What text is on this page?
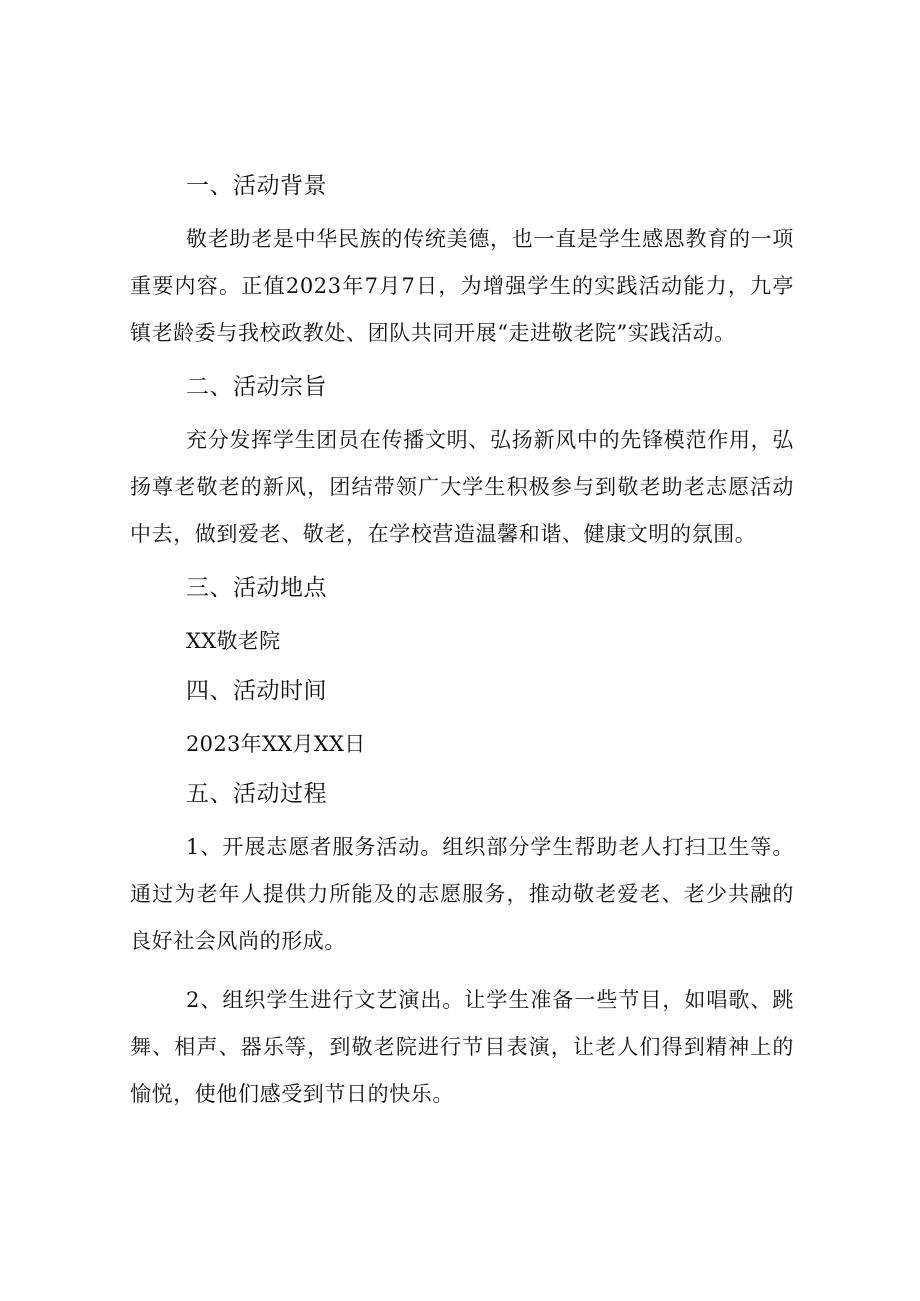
一、活动背景

敬老助老是中华民族的传统美德，也一直是学生感恩教育的一项重要内容。正值2023年7月7日，为增强学生的实践活动能力，九亭镇老龄委与我校政教处、团队共同开展“走进敬老院”实践活动。

二、活动宗旨

充分发挥学生团员在传播文明、弘扬新风中的先锋模范作用，弘扬尊老敬老的新风，团结带领广大学生积极参与到敬老助老志愿活动中去，做到爱老、敬老，在学校营造温馨和谐、健康文明的氛围。

三、活动地点

XX敬老院

四、活动时间

2023年XX月XX日

五、活动过程

1、开展志愿者服务活动。组织部分学生帮助老人打扫卫生等。通过为老年人提供力所能及的志愿服务，推动敬老爱老、老少共融的良好社会风尚的形成。

2、组织学生进行文艺演出。让学生准备一些节目，如唱歌、跳舞、相声、器乐等，到敬老院进行节目表演，让老人们得到精神上的愉悦，使他们感受到节日的快乐。
